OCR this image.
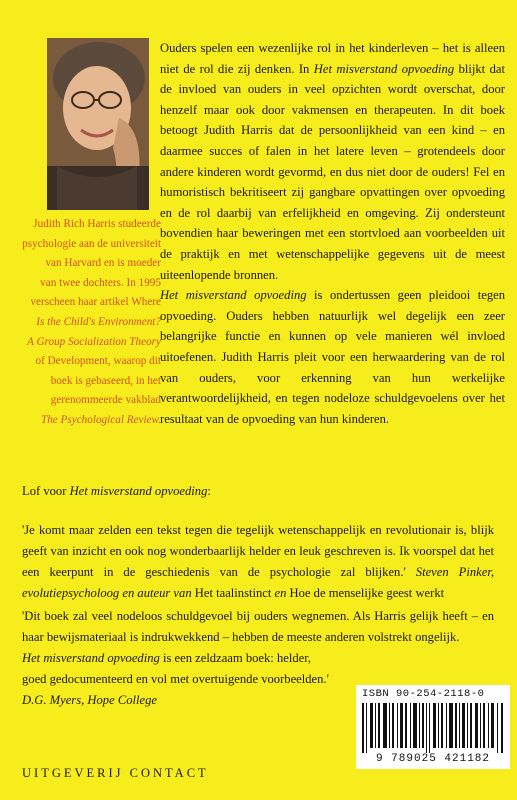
Judith Rich Harris studeerde

psychologie aan de universiteit

van Harvard en is moeder

van twee dochters. In 1995

verscheen haar artikel Where

Is the Child's Environment?

A Group Socialization Theory

of Development, waarop dit

boek is gebaseerd, in het

gerenommeerde vakblad

The Psychological Review.

Ouders spelen een wezenlijke rol in het kinderleven – het is alleen niet de rol die zij denken. In Het misverstand opvoeding blijkt dat de invloed van ouders in veel opzichten wordt overschat, door henzelf maar ook door vakmensen en therapeuten. In dit boek betoogt Judith Harris dat de persoonlijkheid van een kind – en daarmee succes of falen in het latere leven – grotendeels door andere kinderen wordt gevormd, en dus niet door de ouders! Fel en humoristisch bekritiseert zij gangbare opvattingen over opvoeding en de rol daarbij van erfelijkheid en omgeving. Zij ondersteunt bovendien haar beweringen met een stortvloed aan voorbeelden uit de praktijk en met wetenschappelijke gegevens uit de meest uiteenlopende bronnen.

Het misverstand opvoeding is ondertussen geen pleidooi tegen opvoeding. Ouders hebben natuurlijk wel degelijk een zeer belangrijke functie en kunnen op vele manieren wél invloed uitoefenen. Judith Harris pleit voor een herwaardering van de rol van ouders, voor erkenning van hun werkelijke verantwoordelijkheid, en tegen nodeloze schuldgevoelens over het resultaat van de opvoeding van hun kinderen.

Lof voor Het misverstand opvoeding:

'Je komt maar zelden een tekst tegen die tegelijk wetenschappelijk en revolutionair is, blijk geeft van inzicht en ook nog wonderbaarlijk helder en leuk geschreven is. Ik voorspel dat het een keerpunt in de geschiedenis van de psychologie zal blijken.' Steven Pinker, evolutiepsycholoog en auteur van Het taalinstinct en Hoe de menselijke geest werkt

'Dit boek zal veel nodeloos schuldgevoel bij ouders wegnemen. Als Harris gelijk heeft – en haar bewijsmateriaal is indrukwekkend – hebben de meeste anderen volstrekt ongelijk.

Het misverstand opvoeding is een zeldzaam boek: helder, goed gedocumenteerd en vol met overtuigende voorbeelden.' D.G. Myers, Hope College	ISBN 90-254-2118-0
9 789025 421182
UITGEVERIJ CONTACT
